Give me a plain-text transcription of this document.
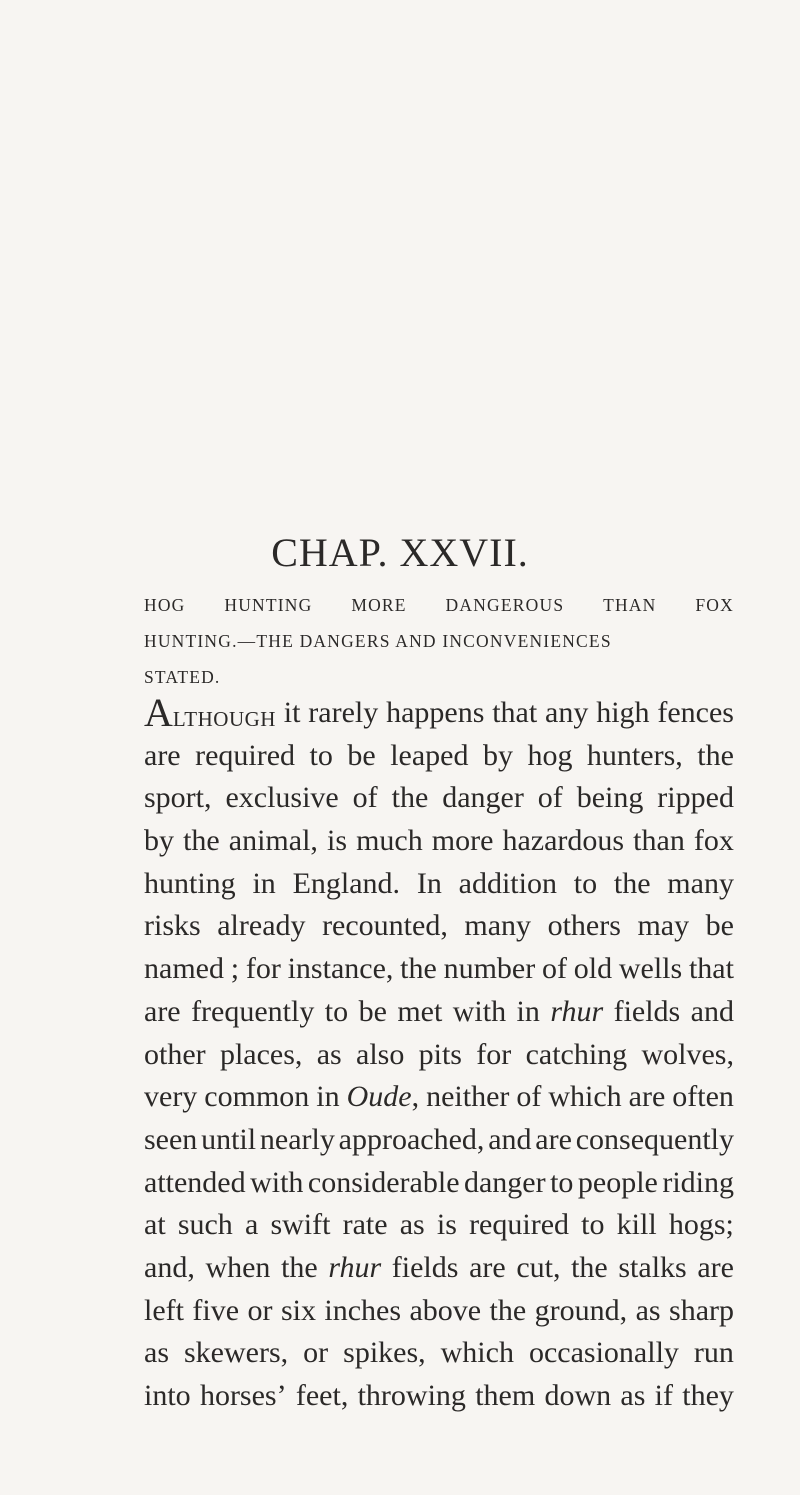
CHAP. XXVII.
HOG HUNTING MORE DANGEROUS THAN FOX
HUNTING.—THE DANGERS AND INCONVENIENCES
STATED.
Although it rarely happens that any high fences
are required to be leaped by hog hunters, the
sport, exclusive of the danger of being ripped
by the animal, is much more hazardous than fox
hunting in England. In addition to the many
risks already recounted, many others may be
named ; for instance, the number of old wells that
are frequently to be met with in rhur fields and
other places, as also pits for catching wolves,
very common in Oude, neither of which are often
seen until nearly approached, and are consequently
attended with considerable danger to people riding
at such a swift rate as is required to kill hogs;
and, when the rhur fields are cut, the stalks are
left five or six inches above the ground, as sharp
as skewers, or spikes, which occasionally run
into horses’ feet, throwing them down as if they
